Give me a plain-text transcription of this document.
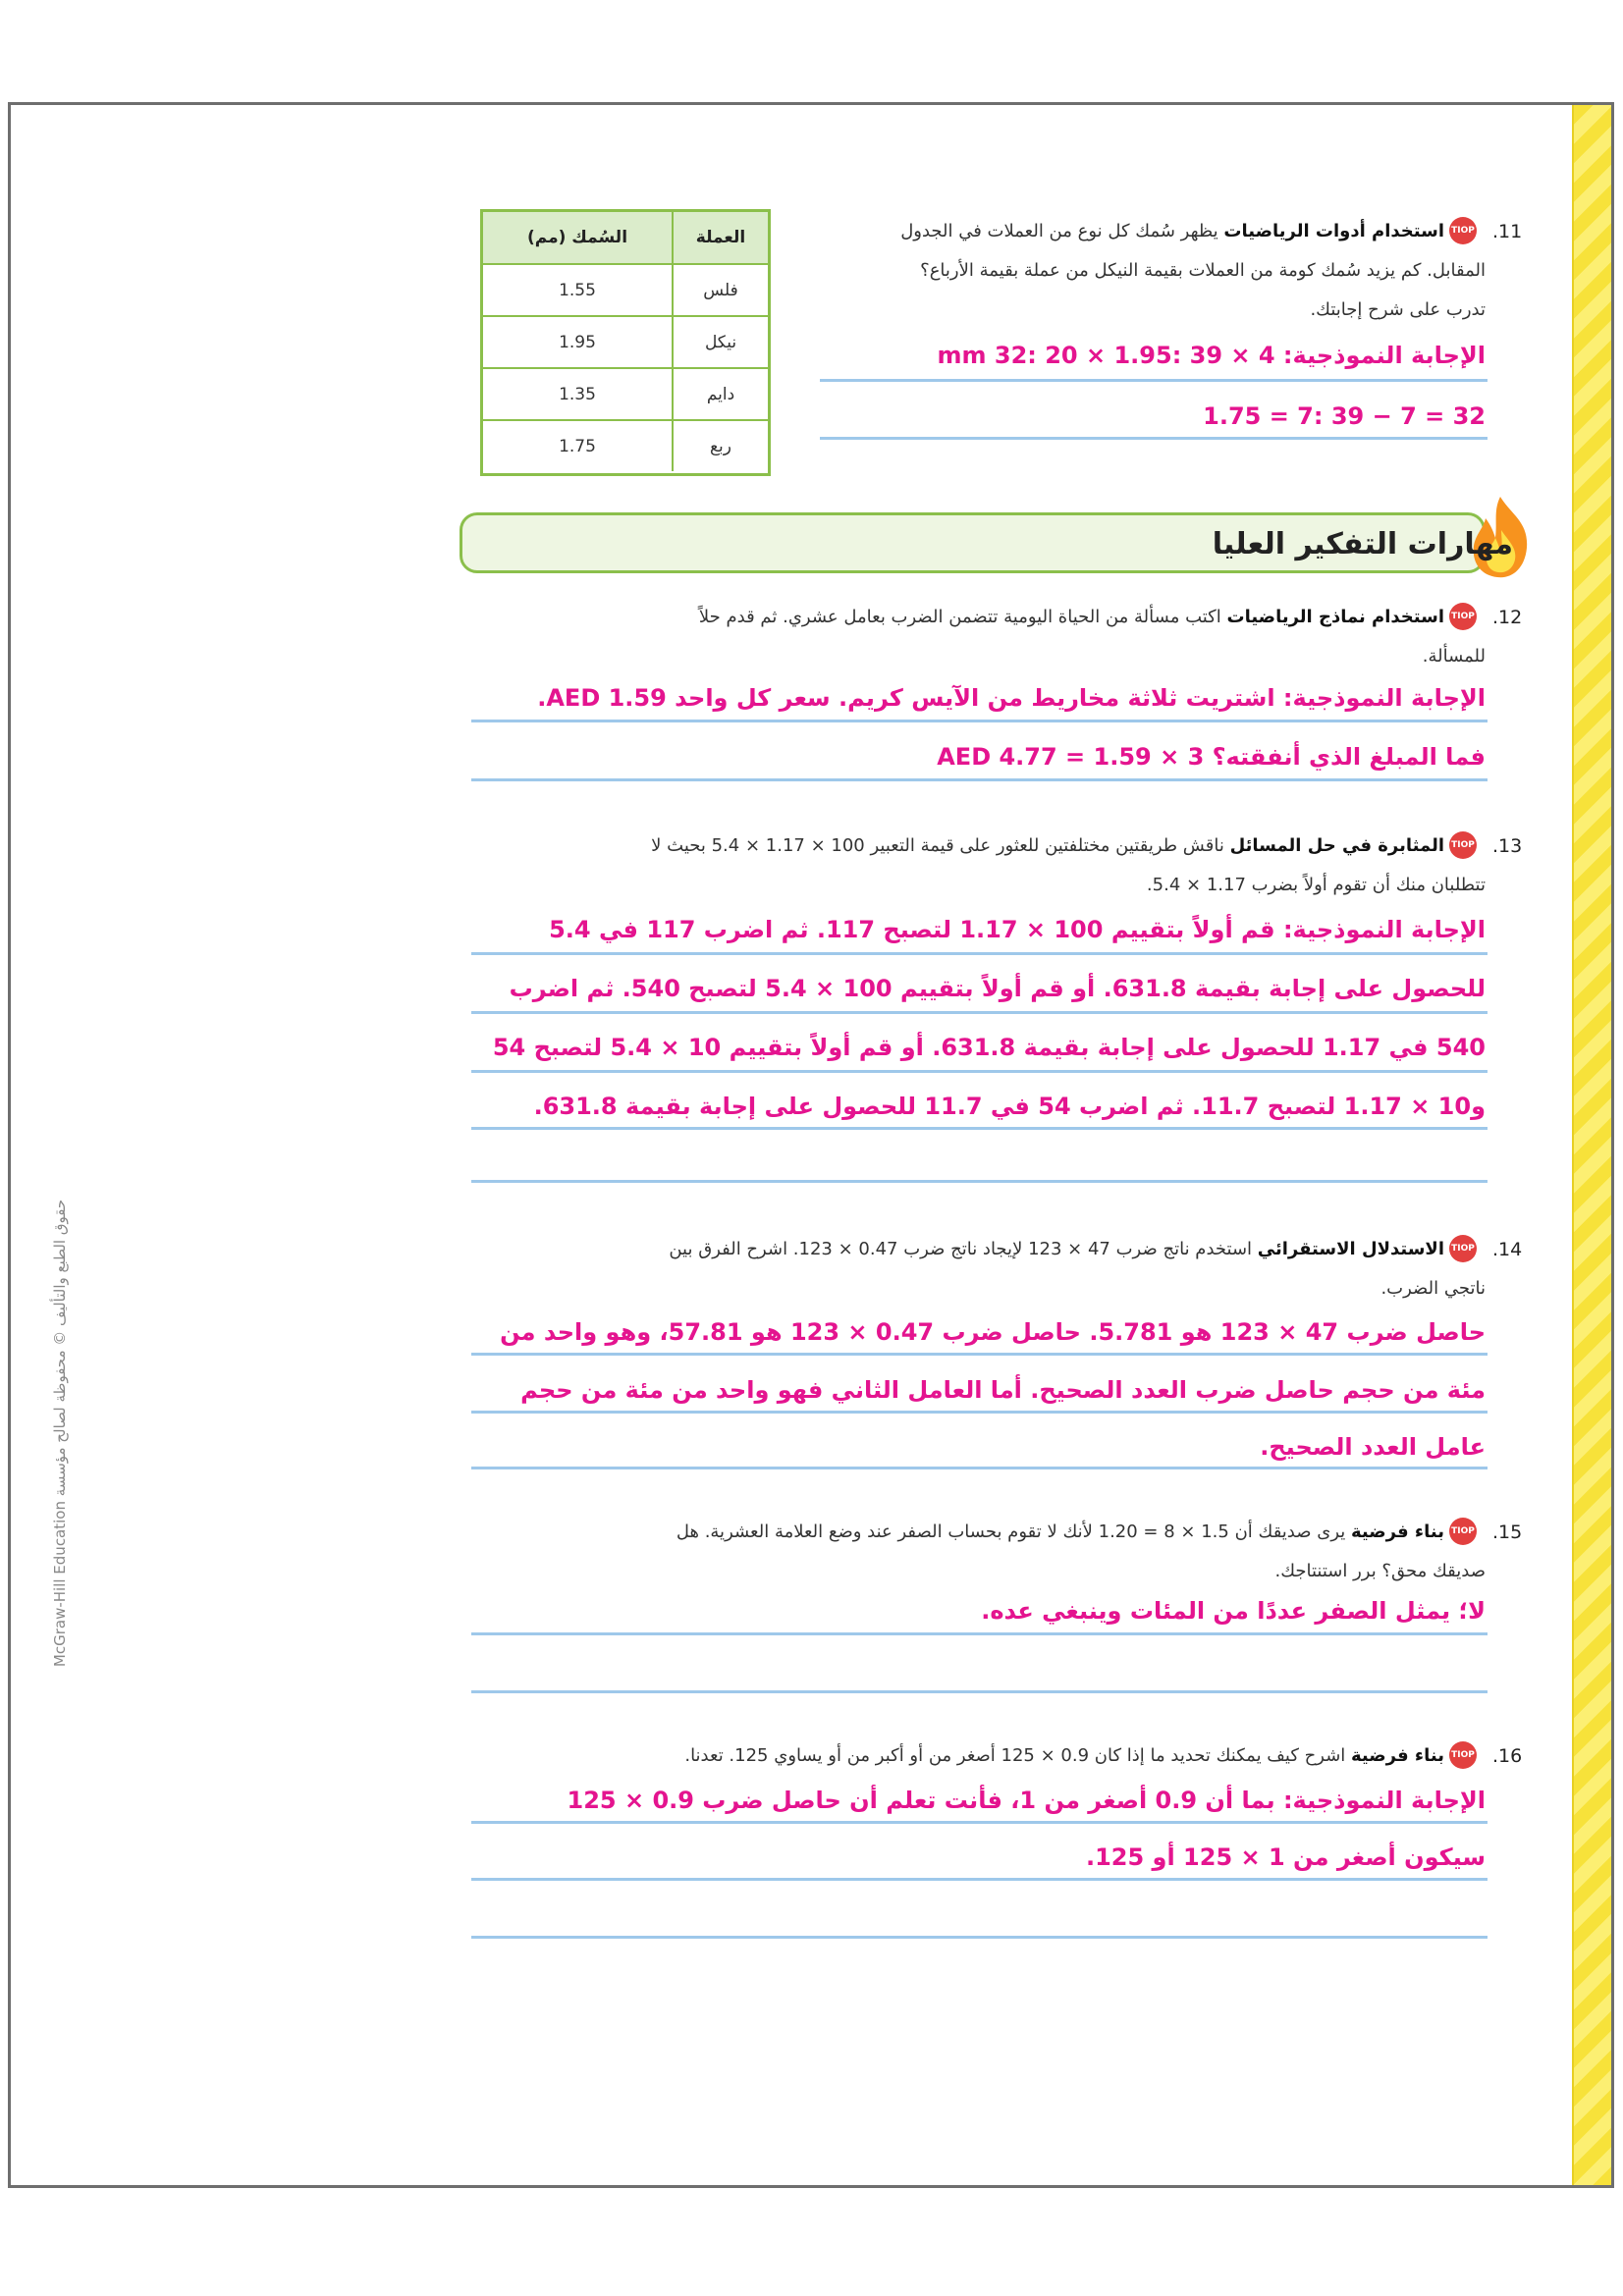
حقوق الطبع والتأليف © محفوظة لصالح مؤسسة McGraw-Hill Education
العملة
السُمك (مم)
فلس
1.55
نيكل
1.95
دايم
1.35
ربع
1.75
11.
TIOP
استخدام أدوات الرياضيات يظهر سُمك كل نوع من العملات في الجدول
المقابل. كم يزيد سُمك كومة من العملات بقيمة النيكل من عملة بقيمة الأرباع؟
تدرب على شرح إجابتك.
الإجابة النموذجية: 4 × 39 :1.95 × 20 :32 mm
32 = 7 − 39 :7 = 1.75
مهارات التفكير العليا
12.
TIOP
استخدام نماذج الرياضيات اكتب مسألة من الحياة اليومية تتضمن الضرب بعامل عشري. ثم قدم حلاً
للمسألة.
الإجابة النموذجية: اشتريت ثلاثة مخاريط من الآيس كريم. سعر كل واحد AED 1.59.
فما المبلغ الذي أنفقته؟ 3 × 1.59 = AED 4.77
13.
TIOP
المثابرة في حل المسائل ناقش طريقتين مختلفتين للعثور على قيمة التعبير 100 × 1.17 × 5.4 بحيث لا
تتطلبان منك أن تقوم أولاً بضرب 1.17 × 5.4.
الإجابة النموذجية: قم أولاً بتقييم 100 × 1.17 لتصبح 117. ثم اضرب 117 في 5.4
للحصول على إجابة بقيمة 631.8. أو قم أولاً بتقييم 100 × 5.4 لتصبح 540. ثم اضرب
540 في 1.17 للحصول على إجابة بقيمة 631.8. أو قم أولاً بتقييم 10 × 5.4 لتصبح 54
و10 × 1.17 لتصبح 11.7. ثم اضرب 54 في 11.7 للحصول على إجابة بقيمة 631.8.
14.
TIOP
الاستدلال الاستقرائي استخدم ناتج ضرب 47 × 123 لإيجاد ناتج ضرب 0.47 × 123. اشرح الفرق بين
ناتجي الضرب.
حاصل ضرب 47 × 123 هو 5.781. حاصل ضرب 0.47 × 123 هو 57.81، وهو واحد من
مئة من حجم حاصل ضرب العدد الصحيح. أما العامل الثاني فهو واحد من مئة من حجم
عامل العدد الصحيح.
15.
TIOP
بناء فرضية يرى صديقك أن 1.5 × 8 = 1.20 لأنك لا تقوم بحساب الصفر عند وضع العلامة العشرية. هل
صديقك محق؟ برر استنتاجك.
لا؛ يمثل الصفر عددًا من المئات وينبغي عده.
16.
TIOP
بناء فرضية اشرح كيف يمكنك تحديد ما إذا كان 0.9 × 125 أصغر من أو أكبر من أو يساوي 125. تعدنا.
الإجابة النموذجية: بما أن 0.9 أصغر من 1، فأنت تعلم أن حاصل ضرب 0.9 × 125
سيكون أصغر من 1 × 125 أو 125.
